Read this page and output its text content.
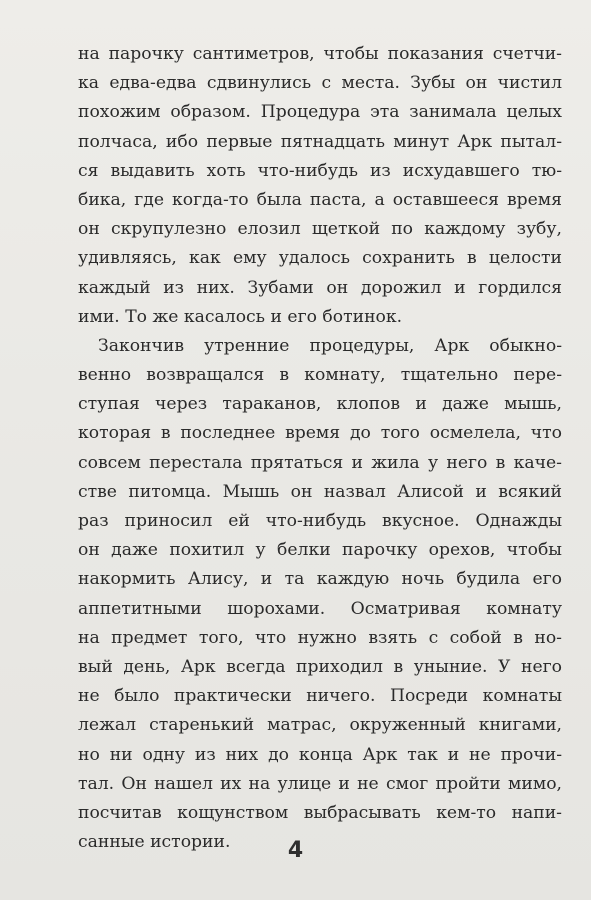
на парочку сантиметров, чтобы показания счетчи-
ка едва-едва сдвинулись с места. Зубы он чистил
похожим образом. Процедура эта занимала целых
полчаса, ибо первые пятнадцать минут Арк пытал-
ся выдавить хоть что-нибудь из исхудавшего тю-
бика, где когда-то была паста, а оставшееся время
он скрупулезно елозил щеткой по каждому зубу,
удивляясь, как ему удалось сохранить в целости
каждый из них. Зубами он дорожил и гордился
ими. То же касалось и его ботинок.
Закончив утренние процедуры, Арк обыкно-
венно возвращался в комнату, тщательно пере-
ступая через тараканов, клопов и даже мышь,
которая в последнее время до того осмелела, что
совсем перестала прятаться и жила у него в каче-
стве питомца. Мышь он назвал Алисой и всякий
раз приносил ей что-нибудь вкусное. Однажды
он даже похитил у белки парочку орехов, чтобы
накормить Алису, и та каждую ночь будила его
аппетитными шорохами. Осматривая комнату
на предмет того, что нужно взять с собой в но-
вый день, Арк всегда приходил в уныние. У него
не было практически ничего. Посреди комнаты
лежал старенький матрас, окруженный книгами,
но ни одну из них до конца Арк так и не прочи-
тал. Он нашел их на улице и не смог пройти мимо,
посчитав кощунством выбрасывать кем-то напи-
санные истории.	4
